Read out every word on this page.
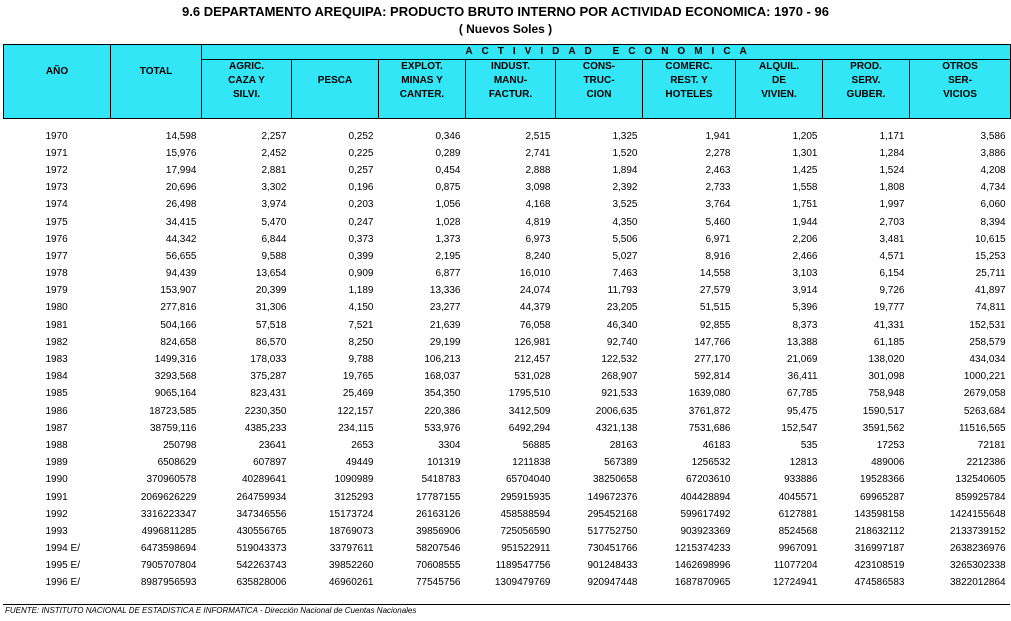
9.6 DEPARTAMENTO AREQUIPA: PRODUCTO BRUTO INTERNO POR ACTIVIDAD ECONOMICA: 1970 - 96
( Nuevos Soles )
AÑO	TOTAL	ACTIVIDAD ECONOMICA								

		AGRIC.
CAZA Y
SILVI.	PESCA	EXPLOT.
MINAS Y
CANTER.	INDUST.
MANU-
FACTUR.	CONS-
TRUC-
CION	COMERC.
REST. Y
HOTELES	ALQUIL.
DE
VIVIEN.	PROD.
SERV.
GUBER.	OTROS
SER-
VICIOS

1970	14,598	2,257	0,252	0,346	2,515	1,325	1,941	1,205	1,171	3,586
1971	15,976	2,452	0,225	0,289	2,741	1,520	2,278	1,301	1,284	3,886
1972	17,994	2,881	0,257	0,454	2,888	1,894	2,463	1,425	1,524	4,208
1973	20,696	3,302	0,196	0,875	3,098	2,392	2,733	1,558	1,808	4,734
1974	26,498	3,974	0,203	1,056	4,168	3,525	3,764	1,751	1,997	6,060
1975	34,415	5,470	0,247	1,028	4,819	4,350	5,460	1,944	2,703	8,394
1976	44,342	6,844	0,373	1,373	6,973	5,506	6,971	2,206	3,481	10,615
1977	56,655	9,588	0,399	2,195	8,240	5,027	8,916	2,466	4,571	15,253
1978	94,439	13,654	0,909	6,877	16,010	7,463	14,558	3,103	6,154	25,711
1979	153,907	20,399	1,189	13,336	24,074	11,793	27,579	3,914	9,726	41,897
1980	277,816	31,306	4,150	23,277	44,379	23,205	51,515	5,396	19,777	74,811
1981	504,166	57,518	7,521	21,639	76,058	46,340	92,855	8,373	41,331	152,531
1982	824,658	86,570	8,250	29,199	126,981	92,740	147,766	13,388	61,185	258,579
1983	1499,316	178,033	9,788	106,213	212,457	122,532	277,170	21,069	138,020	434,034
1984	3293,568	375,287	19,765	168,037	531,028	268,907	592,814	36,411	301,098	1000,221
1985	9065,164	823,431	25,469	354,350	1795,510	921,533	1639,080	67,785	758,948	2679,058
1986	18723,585	2230,350	122,157	220,386	3412,509	2006,635	3761,872	95,475	1590,517	5263,684
1987	38759,116	4385,233	234,115	533,976	6492,294	4321,138	7531,686	152,547	3591,562	11516,565
1988	250798	23641	2653	3304	56885	28163	46183	535	17253	72181
1989	6508629	607897	49449	101319	1211838	567389	1256532	12813	489006	2212386
1990	370960578	40289641	1090989	5418783	65704040	38250658	67203610	933886	19528366	132540605
1991	2069626229	264759934	3125293	17787155	295915935	149672376	404428894	4045571	69965287	859925784
1992	3316223347	347346556	15173724	26163126	458588594	295452168	599617492	6127881	143598158	1424155648
1993	4996811285	430556765	18769073	39856906	725056590	517752750	903923369	8524568	218632112	2133739152
1994 E/	6473598694	519043373	33797611	58207546	951522911	730451766	1215374233	9967091	316997187	2638236976
1995 E/	7905707804	542263743	39852260	70608555	1189547756	901248433	1462698996	11077204	423108519	3265302338
1996 E/	8987956593	635828006	46960261	77545756	1309479769	920947448	1687870965	12724941	474586583	3822012864
FUENTE: INSTITUTO NACIONAL DE ESTADISTICA E INFORMATICA - Dirección Nacional de Cuentas Nacionales
